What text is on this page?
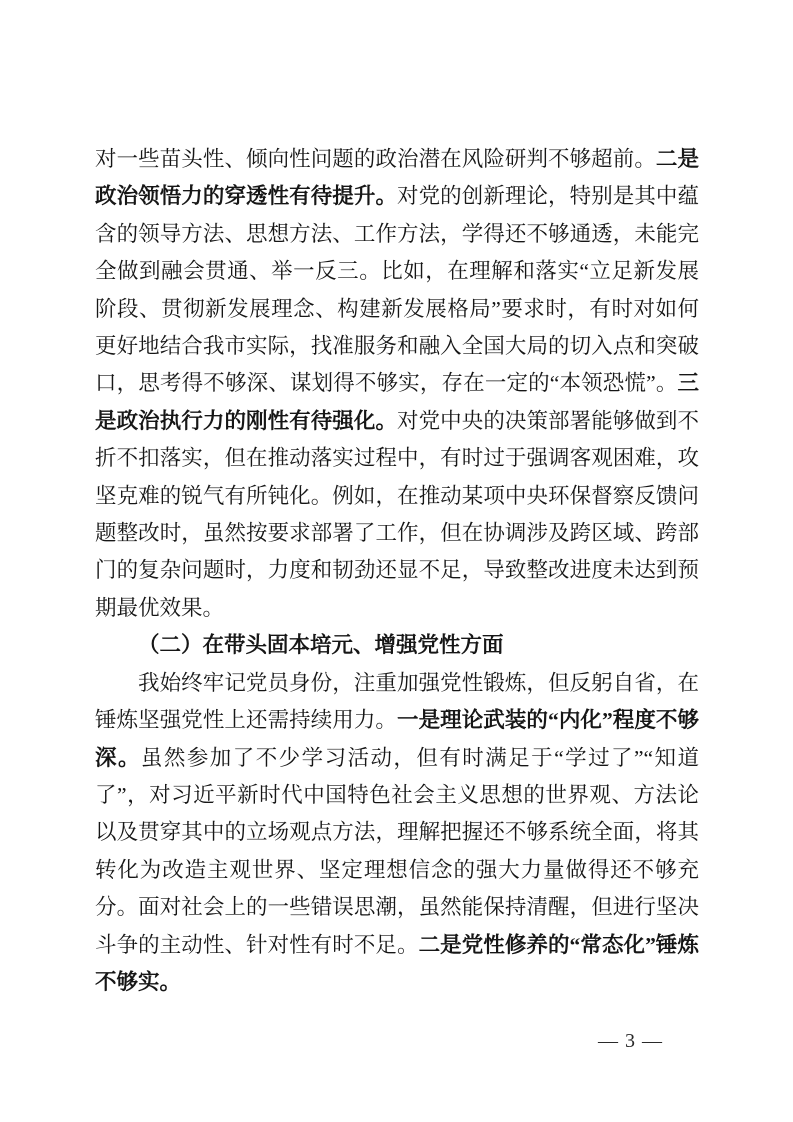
对一些苗头性、倾向性问题的政治潜在风险研判不够超前。二是政治领悟力的穿透性有待提升。对党的创新理论，特别是其中蕴含的领导方法、思想方法、工作方法，学得还不够通透，未能完全做到融会贯通、举一反三。比如，在理解和落实“立足新发展阶段、贯彻新发展理念、构建新发展格局”要求时，有时对如何更好地结合我市实际，找准服务和融入全国大局的切入点和突破口，思考得不够深、谋划得不够实，存在一定的“本领恐慌”。三是政治执行力的刚性有待强化。对党中央的决策部署能够做到不折不扣落实，但在推动落实过程中，有时过于强调客观困难，攻坚克难的锐气有所钝化。例如，在推动某项中央环保督察反馈问题整改时，虽然按要求部署了工作，但在协调涉及跨区域、跨部门的复杂问题时，力度和韧劲还显不足，导致整改进度未达到预期最优效果。

（二）在带头固本培元、增强党性方面

我始终牢记党员身份，注重加强党性锻炼，但反躬自省，在锤炼坚强党性上还需持续用力。一是理论武装的“内化”程度不够深。虽然参加了不少学习活动，但有时满足于“学过了”“知道了”，对习近平新时代中国特色社会主义思想的世界观、方法论以及贯穿其中的立场观点方法，理解把握还不够系统全面，将其转化为改造主观世界、坚定理想信念的强大力量做得还不够充分。面对社会上的一些错误思潮，虽然能保持清醒，但进行坚决斗争的主动性、针对性有时不足。二是党性修养的“常态化”锤炼不够实。

— 3 —
